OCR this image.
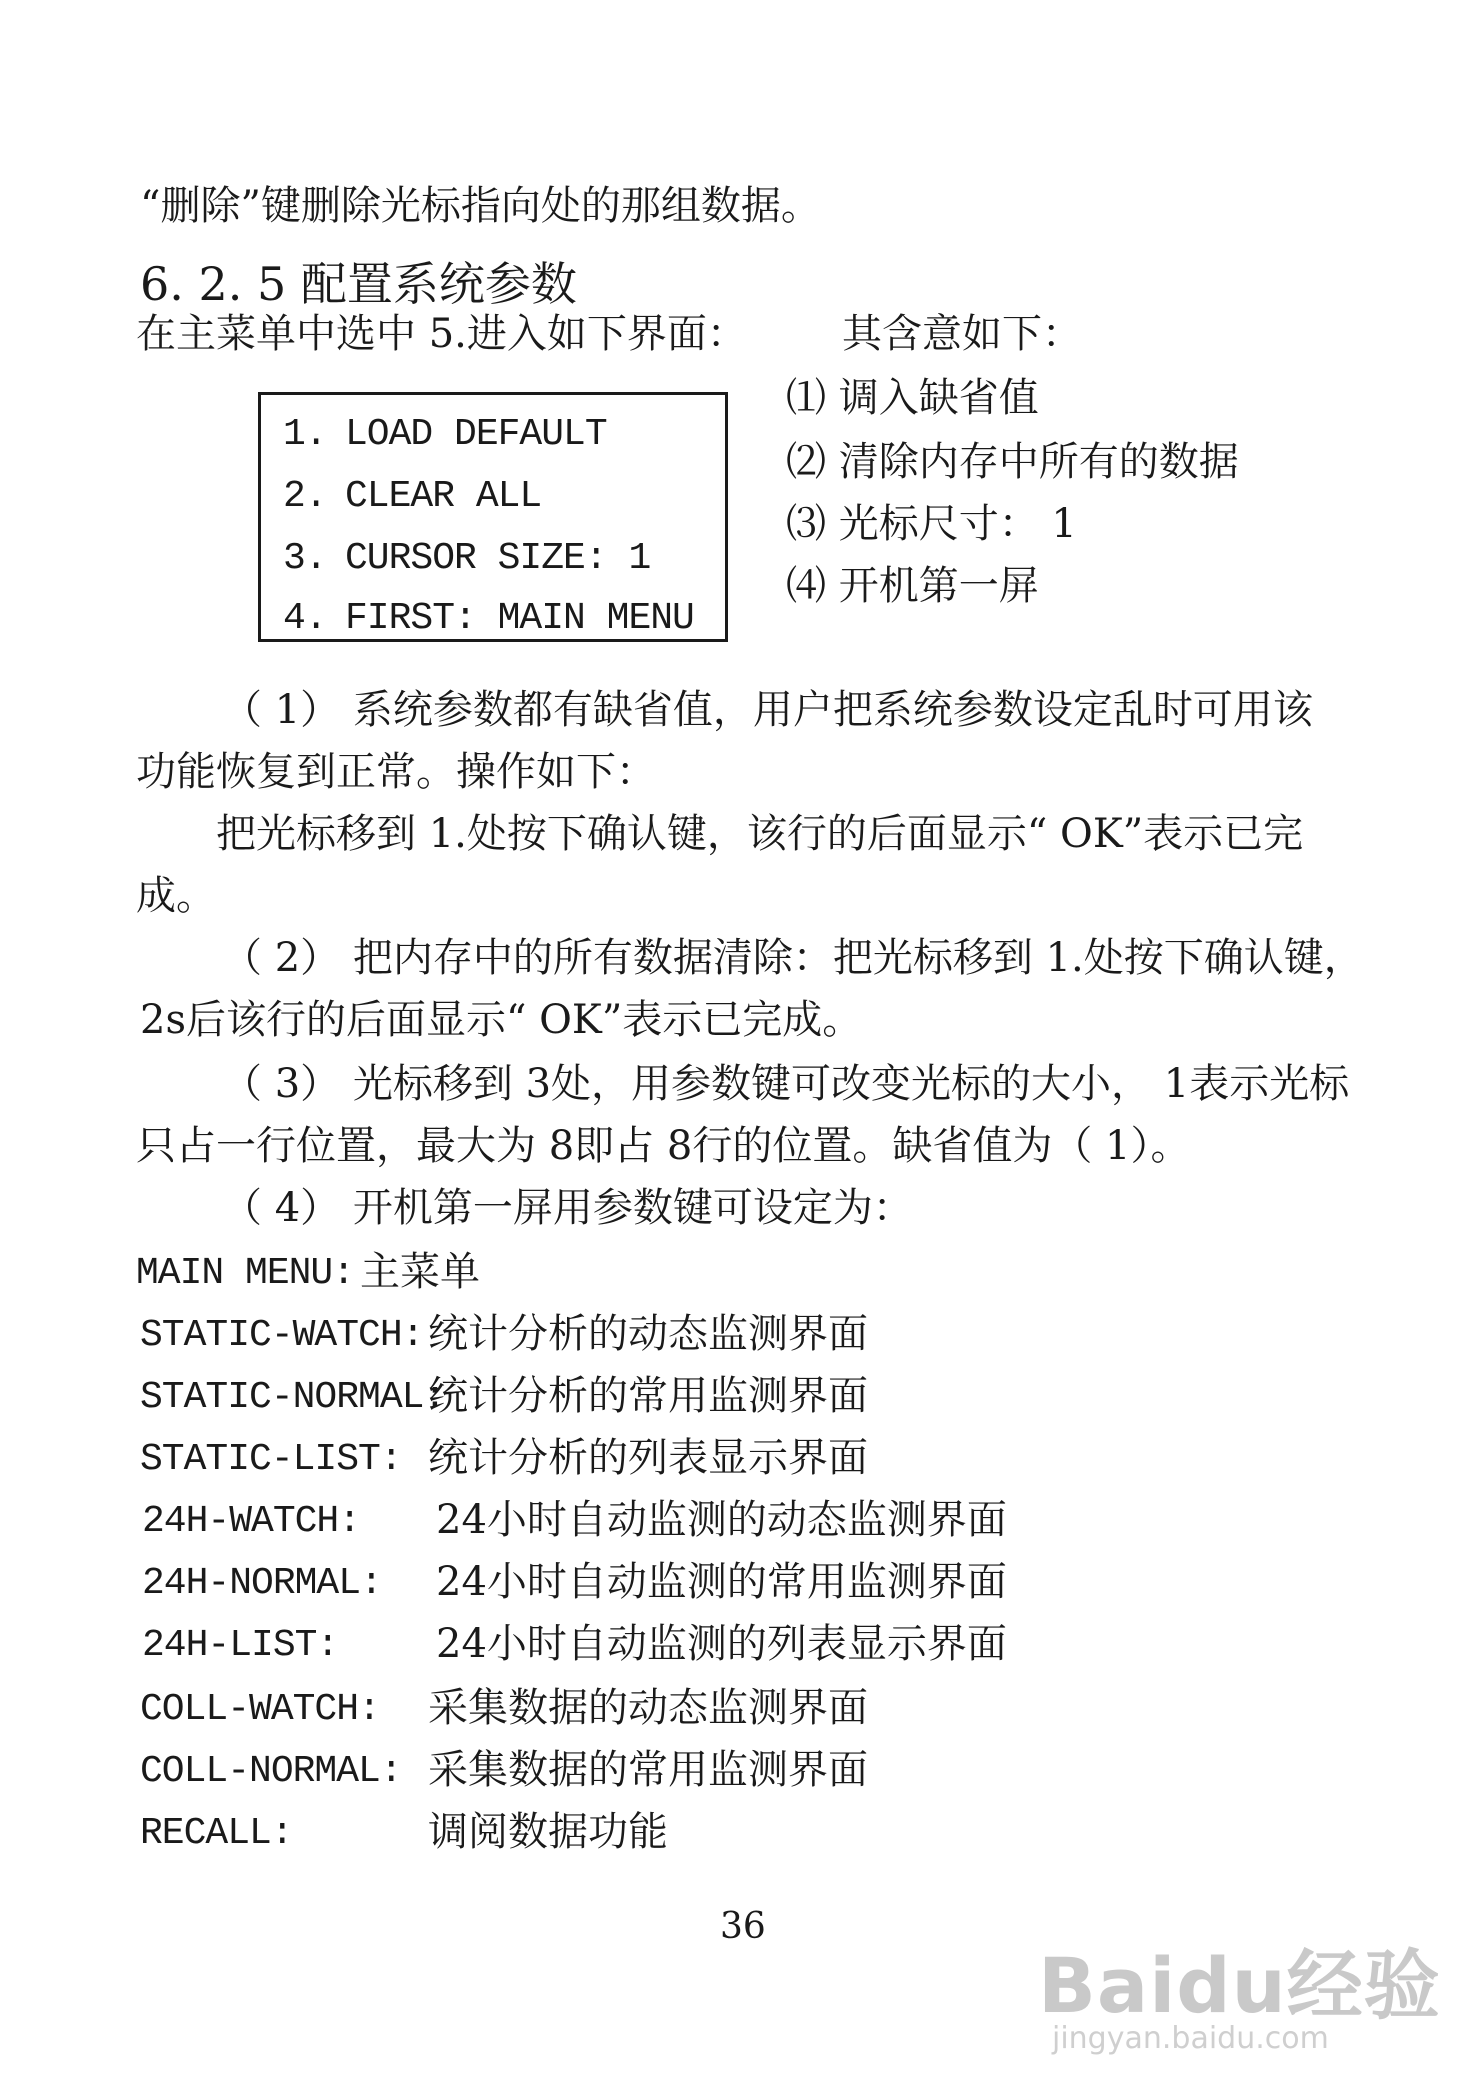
“删除”键删除光标指向处的那组数据。
6. 2. 5 配置系统参数
在主菜单中选中 5.进入如下界面： 其含意如下：
1. LOAD DEFAULT
2. CLEAR ALL
3. CURSOR SIZE: 1
4. FIRST: MAIN MENU
⑴ 调入缺省值
⑵ 清除内存中所有的数据
⑶ 光标尺寸： 1
⑷ 开机第一屏
（ 1） 系统参数都有缺省值，用户把系统参数设定乱时可用该
功能恢复到正常。操作如下：
把光标移到 1.处按下确认键，该行的后面显示“ OK”表示已完
成。
（ 2） 把内存中的所有数据清除：把光标移到 1.处按下确认键，
2s后该行的后面显示“ OK”表示已完成。
（ 3） 光标移到 3处，用参数键可改变光标的大小， 1表示光标
只占一行位置，最大为 8即占 8行的位置。缺省值为（ 1）。
（ 4） 开机第一屏用参数键可设定为：
MAIN MENU: 主菜单
STATIC-WATCH: 统计分析的动态监测界面
STATIC-NORMAL:
统计分析的常用监测界面
STATIC-LIST: 统计分析的列表显示界面
24H-WATCH: 24小时自动监测的动态监测界面
24H-NORMAL: 24小时自动监测的常用监测界面
24H-LIST: 24小时自动监测的列表显示界面
COLL-WATCH: 采集数据的动态监测界面
COLL-NORMAL: 采集数据的常用监测界面
RECALL:	调阅数据功能
36
Baidu经验
jingyan.baidu.com
